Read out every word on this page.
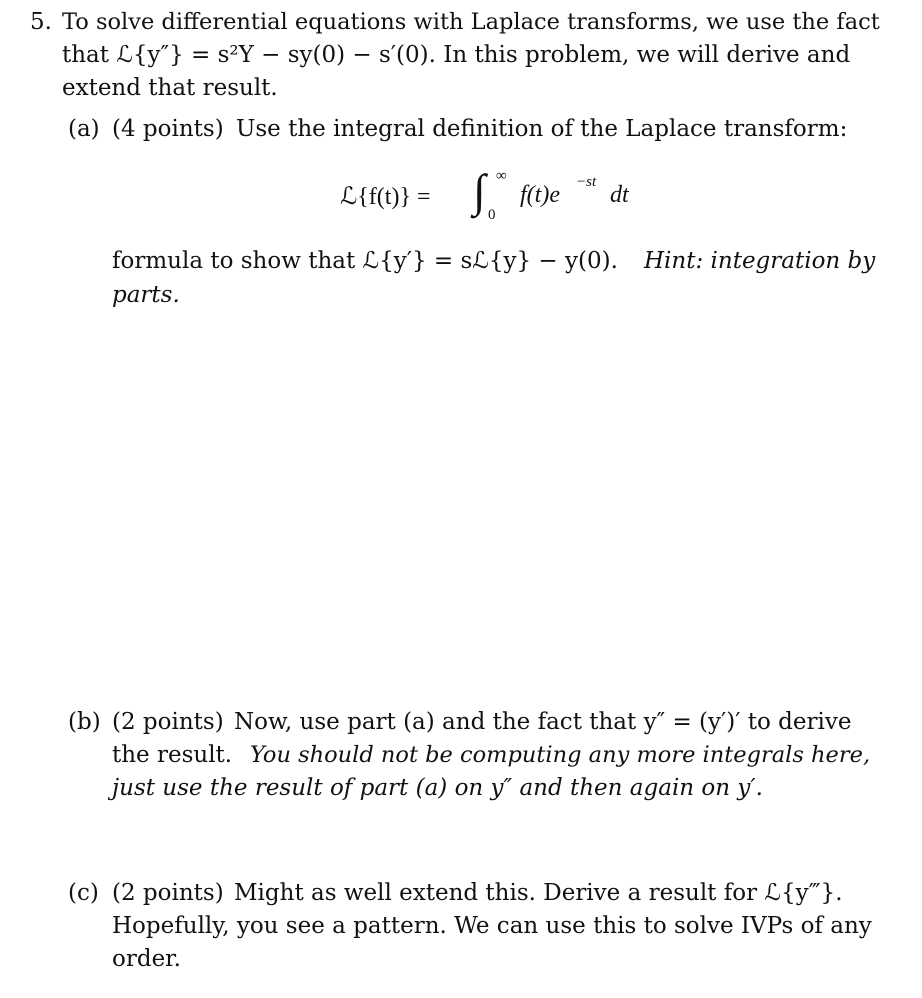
5. To solve differential equations with Laplace transforms, we use the fact
that ℒ{y″} = s²Y − sy(0) − s′(0). In this problem, we will derive and
extend that result.
(a) (4 points) Use the integral definition of the Laplace transform:
ℒ{f(t)} = ∫ ∞
0
f(t)e −st dt
formula to show that ℒ{y′} = sℒ{y} − y(0). Hint: integration by
parts.
(b) (2 points) Now, use part (a) and the fact that y″ = (y′)′ to derive
the result. You should not be computing any more integrals here,
just use the result of part (a) on y″ and then again on y′.
(c) (2 points) Might as well extend this. Derive a result for ℒ{y‴}.
Hopefully, you see a pattern. We can use this to solve IVPs of any
order.
